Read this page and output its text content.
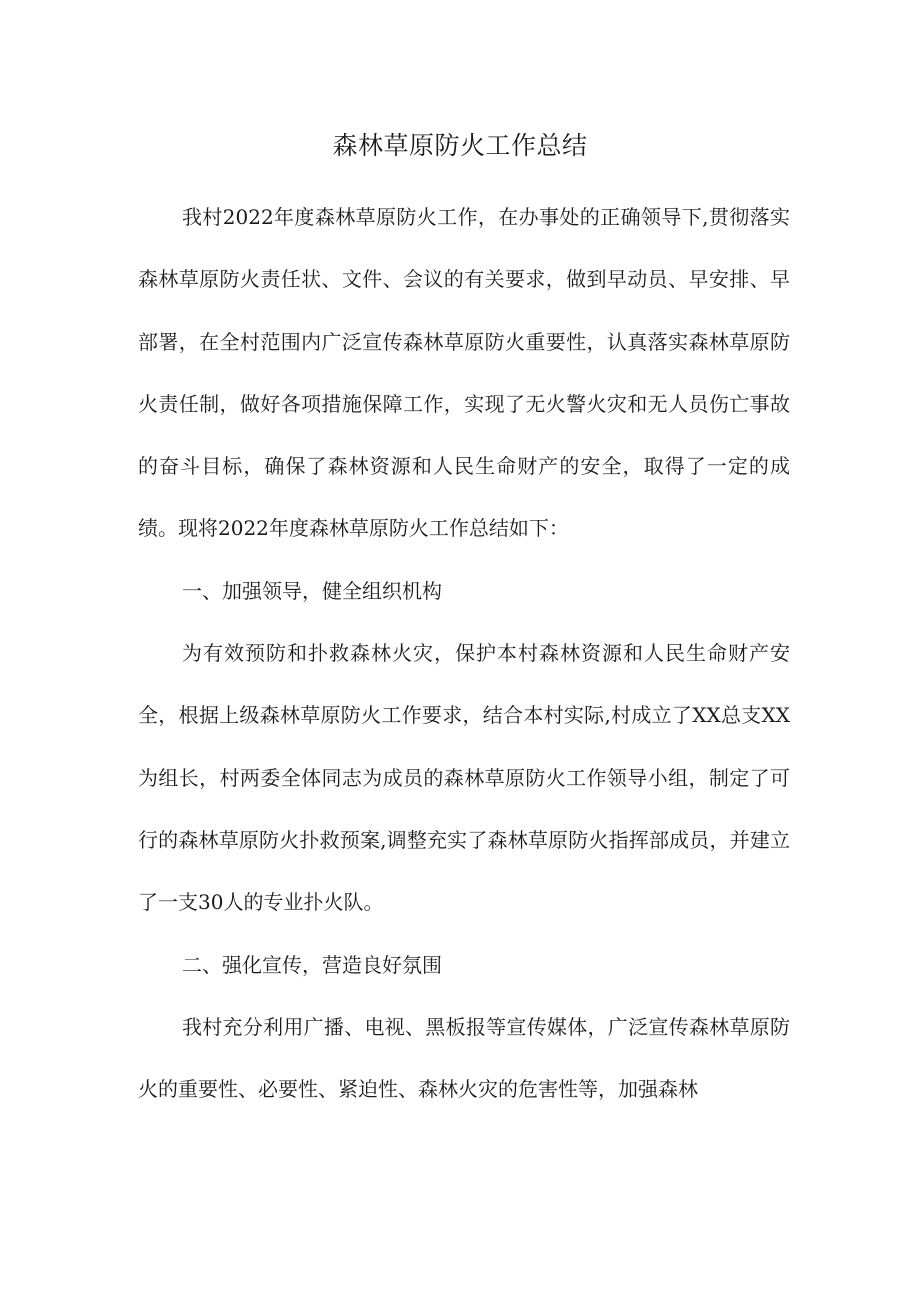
森林草原防火工作总结

我村2022年度森林草原防火工作，在办事处的正确领导下,贯彻落实森林草原防火责任状、文件、会议的有关要求，做到早动员、早安排、早部署，在全村范围内广泛宣传森林草原防火重要性，认真落实森林草原防火责任制，做好各项措施保障工作，实现了无火警火灾和无人员伤亡事故的奋斗目标，确保了森林资源和人民生命财产的安全，取得了一定的成绩。现将2022年度森林草原防火工作总结如下：

一、加强领导，健全组织机构

为有效预防和扑救森林火灾，保护本村森林资源和人民生命财产安全，根据上级森林草原防火工作要求，结合本村实际,村成立了XX总支XX为组长，村两委全体同志为成员的森林草原防火工作领导小组，制定了可行的森林草原防火扑救预案,调整充实了森林草原防火指挥部成员，并建立了一支30人的专业扑火队。

二、强化宣传，营造良好氛围

我村充分利用广播、电视、黑板报等宣传媒体，广泛宣传森林草原防火的重要性、必要性、紧迫性、森林火灾的危害性等，加强森林
